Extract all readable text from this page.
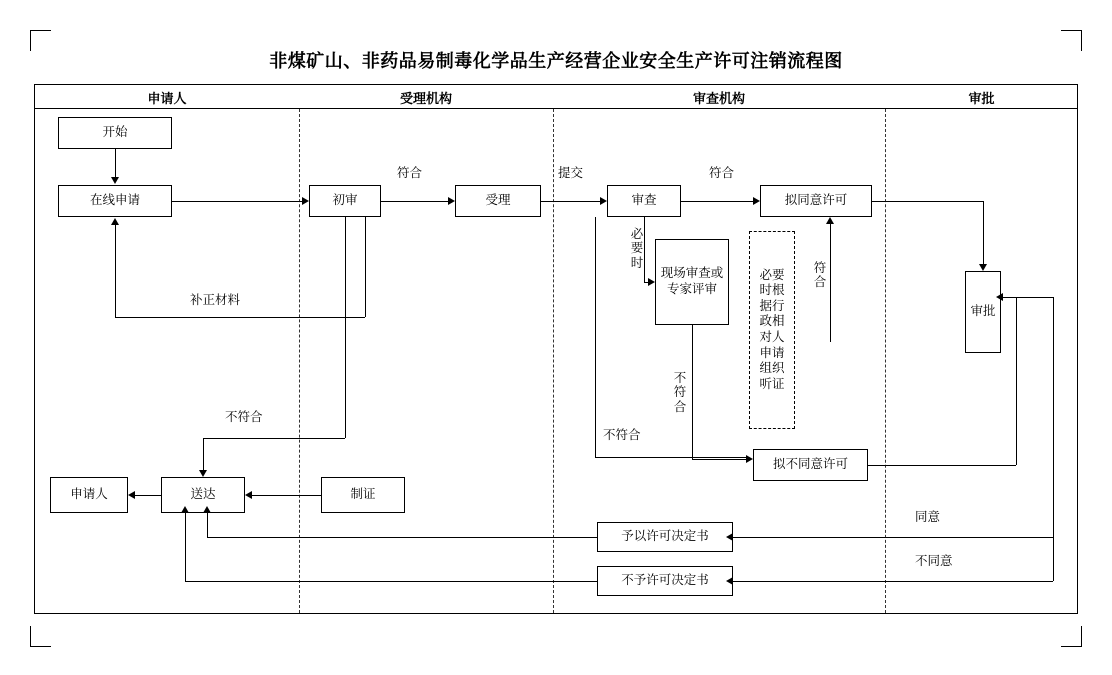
非煤矿山、非药品易制毒化学品生产经营企业安全生产许可注销流程图
申请人	受理机构	审查机构	审批
开始
在线申请	初审	受理	审查	拟同意许可
现场审查或专家评审
必要时根据行政相对人申请组织听证
审批
拟不同意许可
申请人	送达	制证
予以许可决定书
不予许可决定书
符合	提交	符合
必要时	符合
不符合
不符合
不符合
补正材料
同意
不同意
